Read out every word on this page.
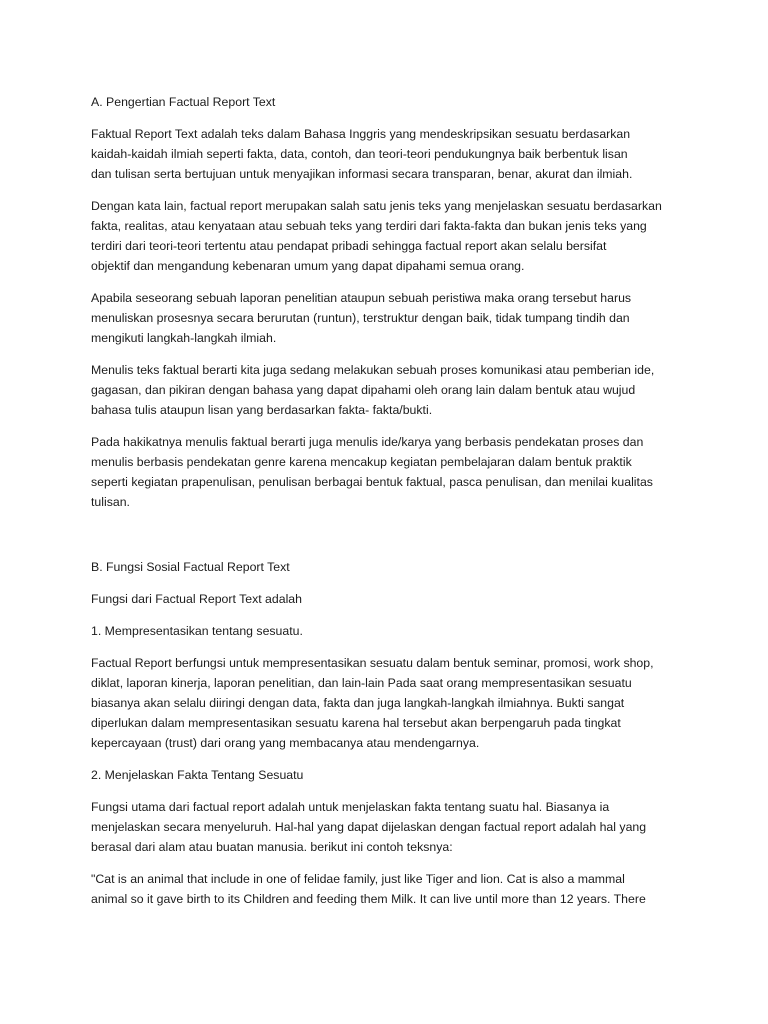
A. Pengertian Factual Report Text
Faktual Report Text adalah teks dalam Bahasa Inggris yang mendeskripsikan sesuatu berdasarkan
kaidah-kaidah ilmiah seperti fakta, data, contoh, dan teori-teori pendukungnya baik berbentuk lisan
dan tulisan serta bertujuan untuk menyajikan informasi secara transparan, benar, akurat dan ilmiah.
Dengan kata lain, factual report merupakan salah satu jenis teks yang menjelaskan sesuatu berdasarkan
fakta, realitas, atau kenyataan atau sebuah teks yang terdiri dari fakta-fakta dan bukan jenis teks yang
terdiri dari teori-teori tertentu atau pendapat pribadi sehingga factual report akan selalu bersifat
objektif dan mengandung kebenaran umum yang dapat dipahami semua orang.
Apabila seseorang sebuah laporan penelitian ataupun sebuah peristiwa maka orang tersebut harus
menuliskan prosesnya secara berurutan (runtun), terstruktur dengan baik, tidak tumpang tindih dan
mengikuti langkah-langkah ilmiah.
Menulis teks faktual berarti kita juga sedang melakukan sebuah proses komunikasi atau pemberian ide,
gagasan, dan pikiran dengan bahasa yang dapat dipahami oleh orang lain dalam bentuk atau wujud
bahasa tulis ataupun lisan yang berdasarkan fakta- fakta/bukti.
Pada hakikatnya menulis faktual berarti juga menulis ide/karya yang berbasis pendekatan proses dan
menulis berbasis pendekatan genre karena mencakup kegiatan pembelajaran dalam bentuk praktik
seperti kegiatan prapenulisan, penulisan berbagai bentuk faktual, pasca penulisan, dan menilai kualitas
tulisan.
B. Fungsi Sosial Factual Report Text
Fungsi dari Factual Report Text adalah
1. Mempresentasikan tentang sesuatu.
Factual Report berfungsi untuk mempresentasikan sesuatu dalam bentuk seminar, promosi, work shop,
diklat, laporan kinerja, laporan penelitian, dan lain-lain Pada saat orang mempresentasikan sesuatu
biasanya akan selalu diiringi dengan data, fakta dan juga langkah-langkah ilmiahnya. Bukti sangat
diperlukan dalam mempresentasikan sesuatu karena hal tersebut akan berpengaruh pada tingkat
kepercayaan (trust) dari orang yang membacanya atau mendengarnya.
2. Menjelaskan Fakta Tentang Sesuatu
Fungsi utama dari factual report adalah untuk menjelaskan fakta tentang suatu hal. Biasanya ia
menjelaskan secara menyeluruh. Hal-hal yang dapat dijelaskan dengan factual report adalah hal yang
berasal dari alam atau buatan manusia. berikut ini contoh teksnya:
"Cat is an animal that include in one of felidae family, just like Tiger and lion. Cat is also a mammal
animal so it gave birth to its Children and feeding them Milk. It can live until more than 12 years. There
